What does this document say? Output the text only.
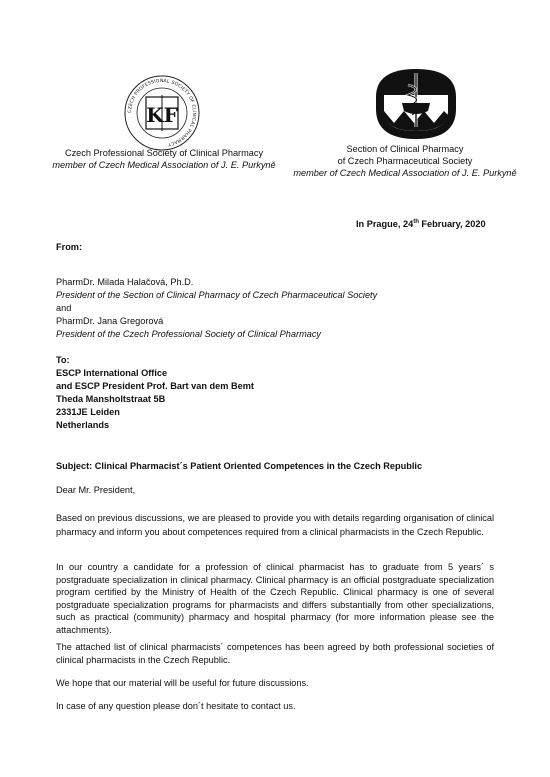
CZECH PROFESSIONAL SOCIETY OF CLINICAL PHARMACY
KF
Czech Professional Society of Clinical Pharmacy
member of Czech Medical Association of J. E. Purkyně
Section of Clinical Pharmacy
of Czech Pharmaceutical Society
member of Czech Medical Association of J. E. Purkyně
In Prague, 24th February, 2020
From:
PharmDr. Milada Halačová, Ph.D.
President of the Section of Clinical Pharmacy of Czech Pharmaceutical Society
and
PharmDr. Jana Gregorová
President of the Czech Professional Society of Clinical Pharmacy
To:
ESCP International Office
and ESCP President Prof. Bart van dem Bemt
Theda Mansholtstraat 5B
2331JE Leiden
Netherlands
Subject: Clinical Pharmacist´s Patient Oriented Competences in the Czech Republic
Dear Mr. President,
Based on previous discussions, we are pleased to provide you with details regarding organisation of clinical pharmacy and inform you about competences required from a clinical pharmacists in the Czech Republic.
In our country a candidate for a profession of clinical pharmacist has to graduate from 5 years´ s postgraduate specialization in clinical pharmacy. Clinical pharmacy is an official postgraduate specialization program certified by the Ministry of Health of the Czech Republic. Clinical pharmacy is one of several postgraduate specialization programs for pharmacists and differs substantially from other specializations, such as practical (community) pharmacy and hospital pharmacy (for more information please see the attachments).
The attached list of clinical pharmacists´ competences has been agreed by both professional societies of clinical pharmacists in the Czech Republic.
We hope that our material will be useful for future discussions.
In case of any question please don´t hesitate to contact us.
